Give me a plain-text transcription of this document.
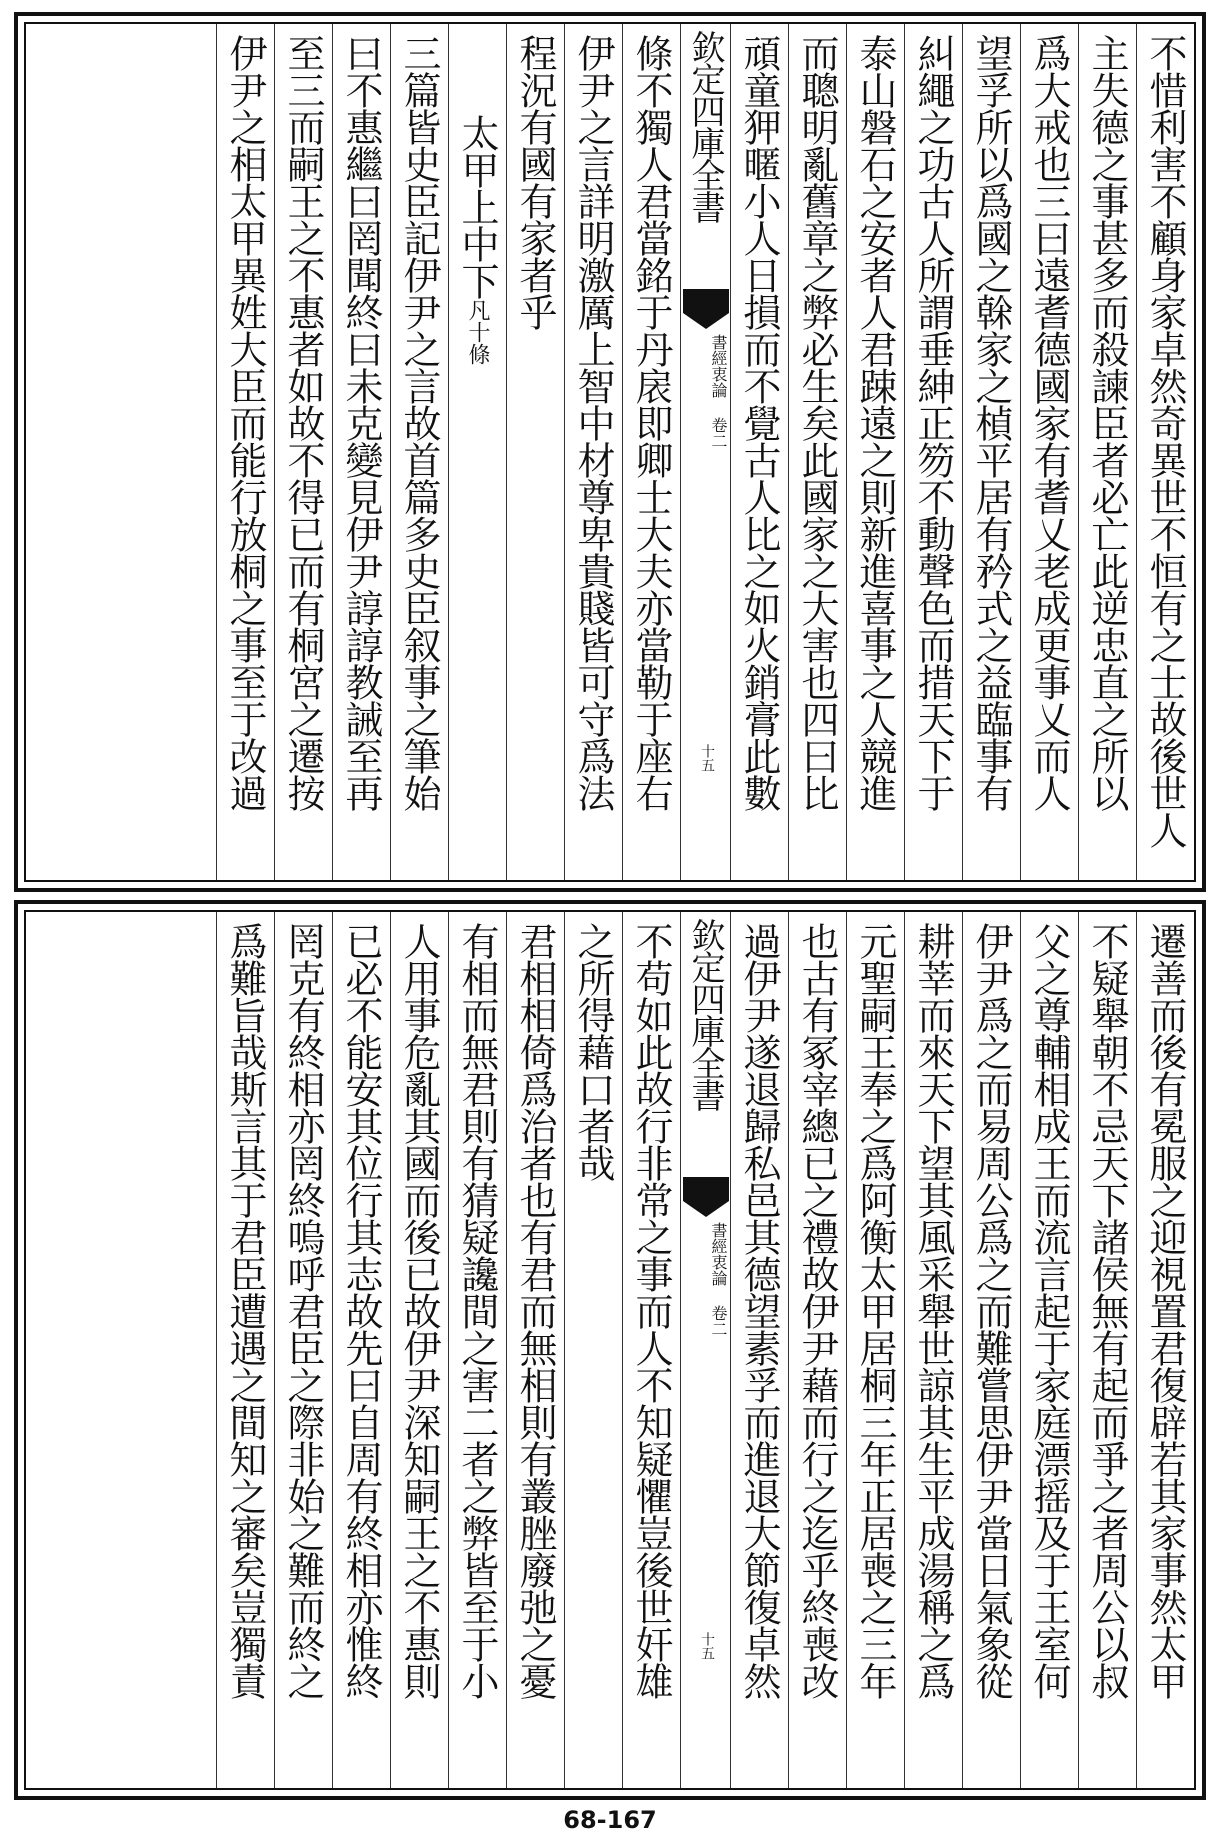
不惜利害不顧身家卓然奇異世不恒有之士故後世人
主失德之事甚多而殺諫臣者必亡此逆忠直之所以
爲大戒也三曰遠耆德國家有耆乂老成更事乂而人
望孚所以爲國之榦家之楨平居有矜式之益臨事有
糾繩之功古人所謂垂紳正笏不動聲色而措天下于
泰山磐石之安者人君踈遠之則新進喜事之人競進
而聰明亂舊章之弊必生矣此國家之大害也四曰比
頑童狎暱小人日損而不覺古人比之如火銷膏此數
欽定四庫全書
書經衷論 卷二
十五
條不獨人君當銘于丹扆即卿士大夫亦當勒于座右
伊尹之言詳明激厲上智中材尊卑貴賤皆可守爲法
程況有國有家者乎
太甲上中下凡十條
三篇皆史臣記伊尹之言故首篇多史臣叙事之筆始
曰不惠繼曰罔聞終曰未克變見伊尹諄諄教誡至再
至三而嗣王之不惠者如故不得已而有桐宮之遷按
伊尹之相太甲異姓大臣而能行放桐之事至于改過
遷善而後有冕服之迎視置君復辟若其家事然太甲
不疑舉朝不忌天下諸侯無有起而爭之者周公以叔
父之尊輔相成王而流言起于家庭漂摇及于王室何
伊尹爲之而易周公爲之而難嘗思伊尹當日氣象從
耕莘而來天下望其風采舉世諒其生平成湯稱之爲
元聖嗣王奉之爲阿衡太甲居桐三年正居喪之三年
也古有冢宰總已之禮故伊尹藉而行之迄乎終喪改
過伊尹遂退歸私邑其德望素孚而進退大節復卓然
欽定四庫全書
書經衷論 卷二
十五
不苟如此故行非常之事而人不知疑懼豈後世奸雄
之所得藉口者哉
君相相倚爲治者也有君而無相則有叢脞廢弛之憂
有相而無君則有猜疑讒間之害二者之弊皆至于小
人用事危亂其國而後已故伊尹深知嗣王之不惠則
已必不能安其位行其志故先曰自周有終相亦惟終
罔克有終相亦罔終嗚呼君臣之際非始之難而終之
爲難旨哉斯言其于君臣遭遇之間知之審矣豈獨責
68-167
